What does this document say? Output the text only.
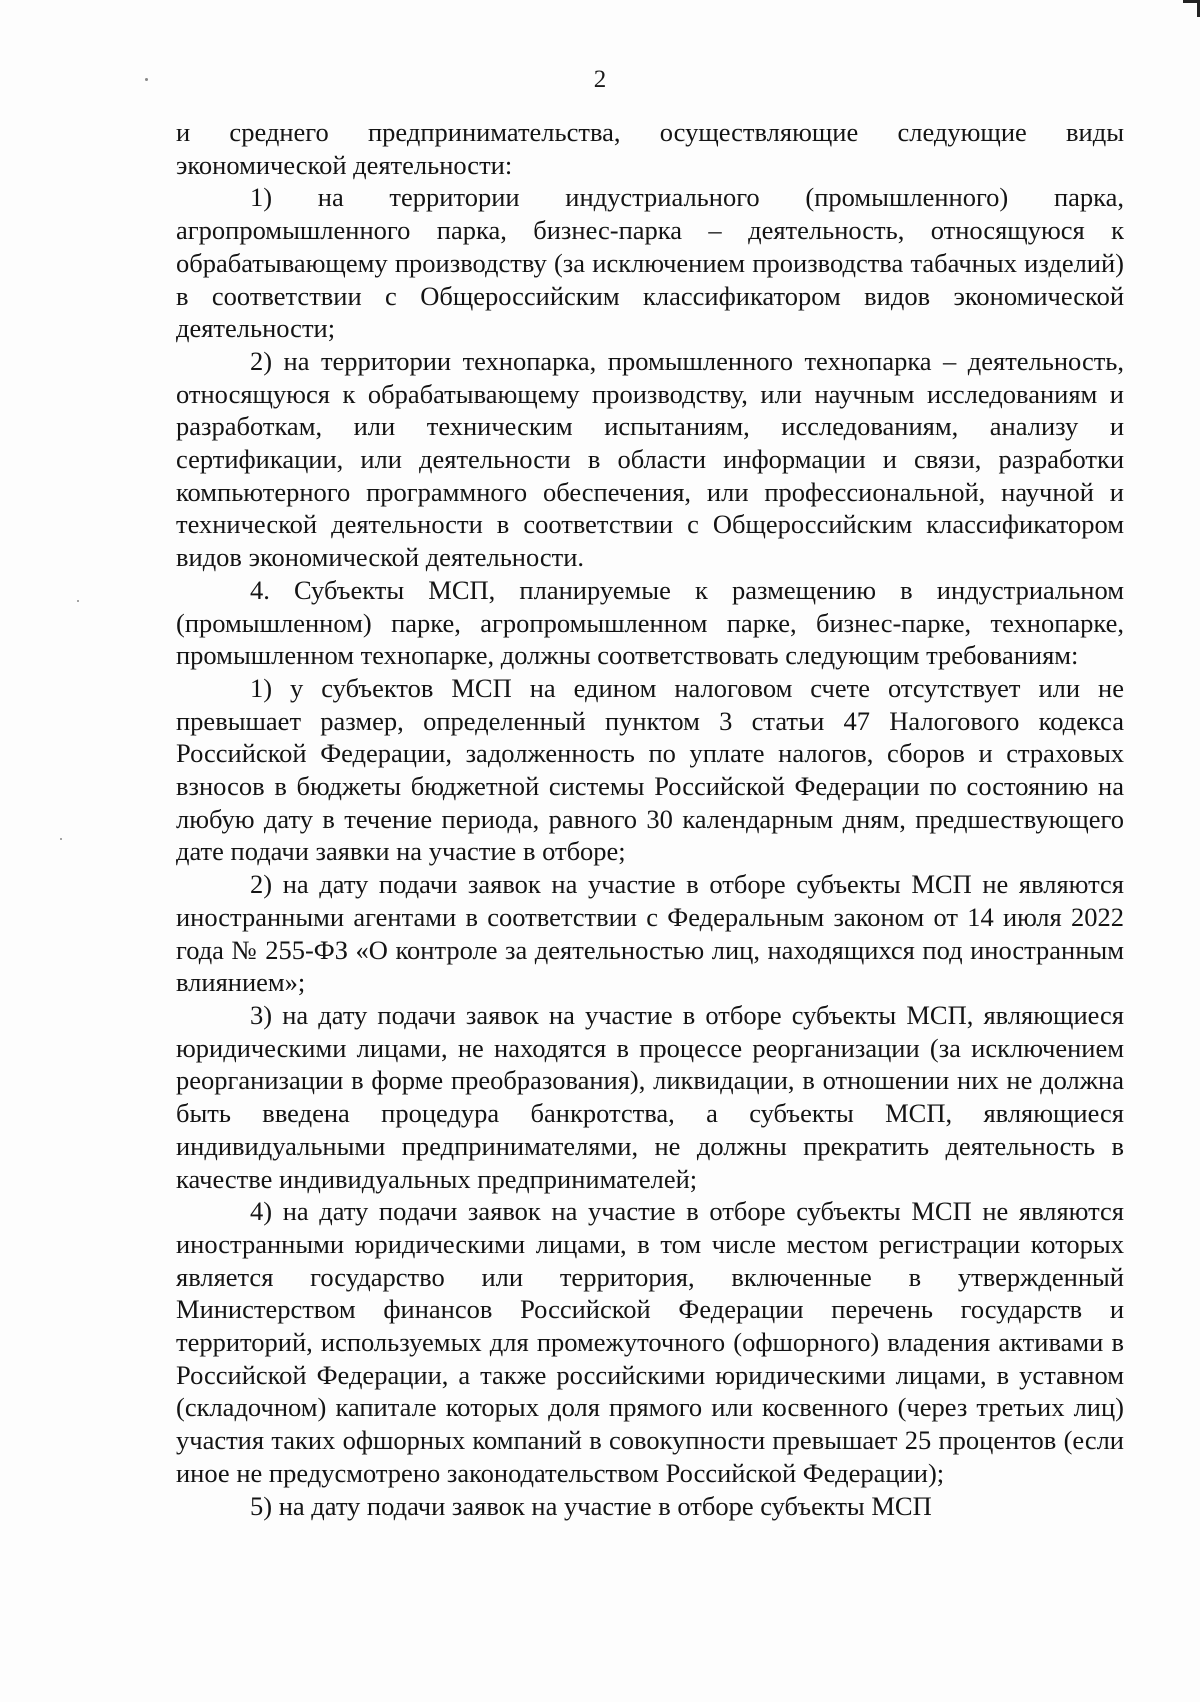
2

и среднего предпринимательства, осуществляющие следующие виды экономической деятельности:

1) на территории индустриального (промышленного) парка, агропромышленного парка, бизнес-парка – деятельность, относящуюся к обрабатывающему производству (за исключением производства табачных изделий) в соответствии с Общероссийским классификатором видов экономической деятельности;

2) на территории технопарка, промышленного технопарка – деятельность, относящуюся к обрабатывающему производству, или научным исследованиям и разработкам, или техническим испытаниям, исследованиям, анализу и сертификации, или деятельности в области информации и связи, разработки компьютерного программного обеспечения, или профессиональной, научной и технической деятельности в соответствии с Общероссийским классификатором видов экономической деятельности.

4. Субъекты МСП, планируемые к размещению в индустриальном (промышленном) парке, агропромышленном парке, бизнес-парке, технопарке, промышленном технопарке, должны соответствовать следующим требованиям:

1) у субъектов МСП на едином налоговом счете отсутствует или не превышает размер, определенный пунктом 3 статьи 47 Налогового кодекса Российской Федерации, задолженность по уплате налогов, сборов и страховых взносов в бюджеты бюджетной системы Российской Федерации по состоянию на любую дату в течение периода, равного 30 календарным дням, предшествующего дате подачи заявки на участие в отборе;

2) на дату подачи заявок на участие в отборе субъекты МСП не являются иностранными агентами в соответствии с Федеральным законом от 14 июля 2022 года № 255-ФЗ «О контроле за деятельностью лиц, находящихся под иностранным влиянием»;

3) на дату подачи заявок на участие в отборе субъекты МСП, являющиеся юридическими лицами, не находятся в процессе реорганизации (за исключением реорганизации в форме преобразования), ликвидации, в отношении них не должна быть введена процедура банкротства, а субъекты МСП, являющиеся индивидуальными предпринимателями, не должны прекратить деятельность в качестве индивидуальных предпринимателей;

4) на дату подачи заявок на участие в отборе субъекты МСП не являются иностранными юридическими лицами, в том числе местом регистрации которых является государство или территория, включенные в утвержденный Министерством финансов Российской Федерации перечень государств и территорий, используемых для промежуточного (офшорного) владения активами в Российской Федерации, а также российскими юридическими лицами, в уставном (складочном) капитале которых доля прямого или косвенного (через третьих лиц) участия таких офшорных компаний в совокупности превышает 25 процентов (если иное не предусмотрено законодательством Российской Федерации);

5) на дату подачи заявок на участие в отборе субъекты МСП
